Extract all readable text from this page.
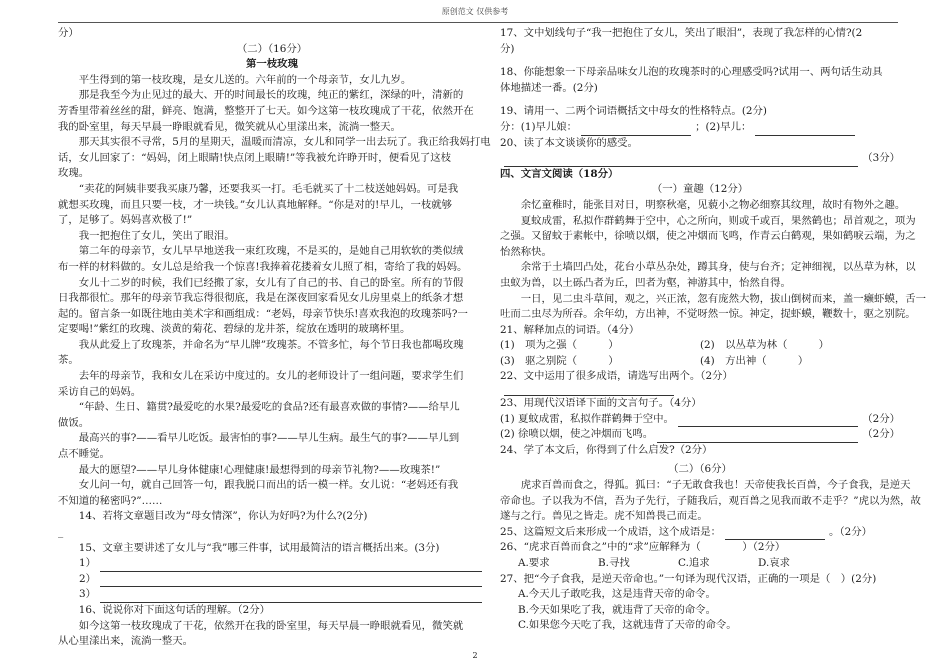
原创范文 仅供参考
分）
（二）（16分）
第一枝玫瑰
　　平生得到的第一枝玫瑰，是女儿送的。六年前的一个母亲节，女儿九岁。
　　那是我至今为止见过的最大、开的时间最长的玫瑰，纯正的紫红，深绿的叶，清新的
芳香里带着丝丝的甜，鲜亮、饱满，整整开了七天。如今这第一枝玫瑰成了干花，依然开在
我的卧室里，每天早晨一睁眼就看见，微笑就从心里漾出来，流淌一整天。
　　那天其实很不寻常，5月的星期天，温暖而清凉，女儿和同学一出去玩了。我正给我妈打电
话，女儿回家了：“妈妈，闭上眼睛!快点闭上眼睛!”等我被允许睁开时，便看见了这枝
玫瑰。
　　“卖花的阿姨非要我买康乃馨，还要我买一打。毛毛就买了十二枝送她妈妈。可是我
就想买玫瑰，而且只要一枝，才一块钱。”女儿认真地解释。“你是对的!早儿，一枝就够
了，足够了。妈妈喜欢极了!”
　　我一把抱住了女儿，笑出了眼泪。
　　第二年的母亲节，女儿早早地送我一束红玫瑰，不是买的，是她自己用软软的类似绒
布一样的材料做的。女儿总是给我一个惊喜!我捧着花搂着女儿照了相，寄给了我的妈妈。
　　女儿十二岁的时候，我们已经搬了家，女儿有了自己的书、自己的卧室。所有的节假
日我都很忙。那年的母亲节我忘得很彻底，我是在深夜回家看见女儿房里桌上的纸条才想
起的。留言条一如既往地由美术字和画组成：“老妈，母亲节快乐!喜欢我泡的玫瑰茶吗?一
定要喝!”紫红的玫瑰、淡黄的菊花、碧绿的龙井茶，绽放在透明的玻璃杯里。
　　我从此爱上了玫瑰茶，并命名为“早儿牌”玫瑰茶。不管多忙，每个节日我也都喝玫瑰
茶。
　　去年的母亲节，我和女儿在采访中度过的。女儿的老师设计了一组问题，要求学生们
采访自己的妈妈。
　　“年龄、生日、籍贯?最爱吃的水果?最爱吃的食品?还有最喜欢做的事情?——给早儿
做饭。
　　最高兴的事?——看早儿吃饭。最害怕的事?——早儿生病。最生气的事?——早儿到
点不睡觉。
　　最大的愿望?——早儿身体健康!心理健康!最想得到的母亲节礼物?——玫瑰茶!”
　　女儿问一句，就自己回答一句，跟我脱口而出的话一模一样。女儿说：“老妈还有我
不知道的秘密吗?”……
　　14、若将文章题目改为“母女情深”，你认为好吗?为什么?(2分)
_
　　15、文章主要讲述了女儿与“我”哪三件事，试用最简洁的语言概括出来。(3分)
1）
2）
3）
　　16、说说你对下面这句话的理解。（2分）
　　如今这第一枝玫瑰成了干花，依然开在我的卧室里，每天早晨一睁眼就看见，微笑就
从心里漾出来，流淌一整天。
17、文中划线句子“我一把抱住了女儿，笑出了眼泪”，表现了我怎样的心情?(2
分)
18、你能想象一下母亲品味女儿泡的玫瑰茶时的心理感受吗?试用一、两句话生动具
体地描述一番。(2分)
19、请用一、二两个词语概括文中母女的性格特点。(2分)
分：(1)早儿娘：	；(2)早儿：
20、读了本文谈谈你的感受。
（3分）
四、文言文阅读（18分）
（一）童趣（12分）
　　余忆童稚时，能张目对日，明察秋毫，见藐小之物必细察其纹理，故时有物外之趣。
　　夏蚊成雷，私拟作群鹤舞于空中，心之所向，则或千或百，果然鹤也；昂首观之，项为
之强。又留蚊于素帐中，徐喷以烟，使之冲烟而飞鸣，作青云白鹤观，果如鹤唳云端，为之
怡然称快。
　　余常于土墙凹凸处，花台小草丛杂处，蹲其身，使与台齐；定神细视，以丛草为林，以
虫蚁为兽，以土砾凸者为丘，凹者为壑，神游其中，怡然自得。
　　一日，见二虫斗草间，观之，兴正浓，忽有庞然大物，拔山倒树而来，盖一癞虾蟆，舌一
吐而二虫尽为所吞。余年幼，方出神，不觉呀然一惊。神定，捉虾蟆，鞭数十，驱之别院。
21、解释加点的词语。（4分）
(1)　项为之强（　　　）	(2)　以丛草为林（　　　）
(3)　驱之别院（　　　）	(4)　方出神（　　　）
22、文中运用了很多成语，请选写出两个。（2分）
23、用现代汉语译下面的文言句子。（4分）
(1) 夏蚊成雷，私拟作群鹤舞于空中。	（2分）
(2) 徐喷以烟，使之冲烟而飞鸣。	（2分）
24、学了本文后，你得到了什么启发?（2分）
（二）（6分）
　　虎求百兽而食之，得狐。狐曰：“子无敢食我也！天帝使我长百兽，今子食我，是逆天
帝命也。子以我为不信，吾为子先行，子随我后，观百兽之见我而敢不走乎？”虎以为然，故
遂与之行。兽见之皆走。虎不知兽畏己而走。
25、这篇短文后来形成一个成语，这个成语是：	。（2分）
26、“虎求百兽而食之”中的“求”应解释为（　　　　）（2分）
A.要求	B.寻找	C.追求	D.哀求
27、把“今子食我，是逆天帝命也。”一句译为现代汉语，正确的一项是（　）(2分)
A.今天儿子敢吃我，这是违背天帝的命令。
B.今天如果吃了我，就违背了天帝的命令。
C.如果您今天吃了我，这就违背了天帝的命令。
2
